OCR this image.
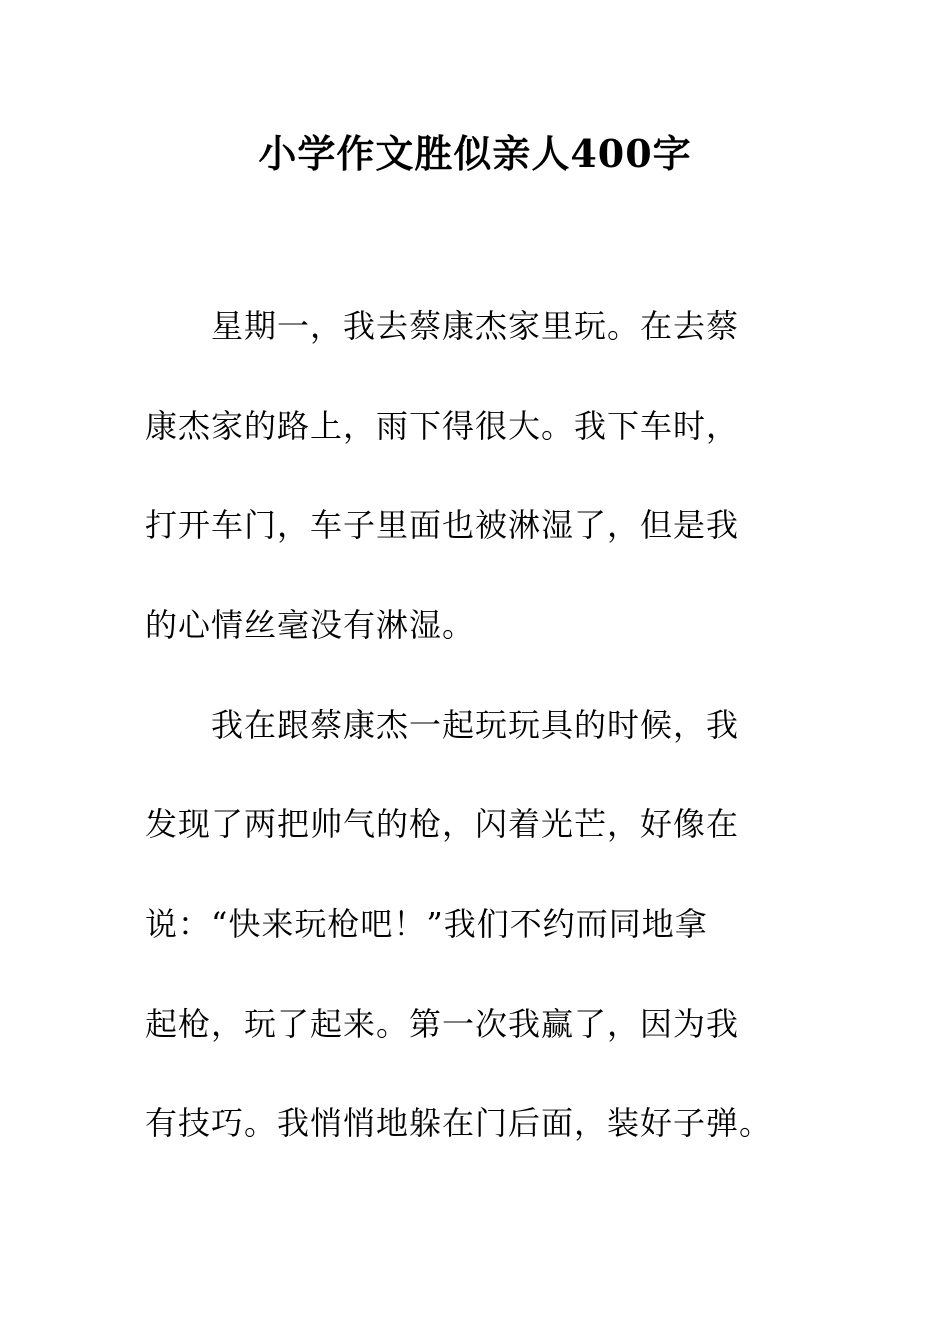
小学作文胜似亲人400字

　　星期一，我去蔡康杰家里玩。在去蔡

康杰家的路上，雨下得很大。我下车时，

打开车门，车子里面也被淋湿了，但是我

的心情丝毫没有淋湿。

　　我在跟蔡康杰一起玩玩具的时候，我

发现了两把帅气的枪，闪着光芒，好像在

说：“快来玩枪吧！”我们不约而同地拿

起枪，玩了起来。第一次我赢了，因为我

有技巧。我悄悄地躲在门后面，装好子弹。
